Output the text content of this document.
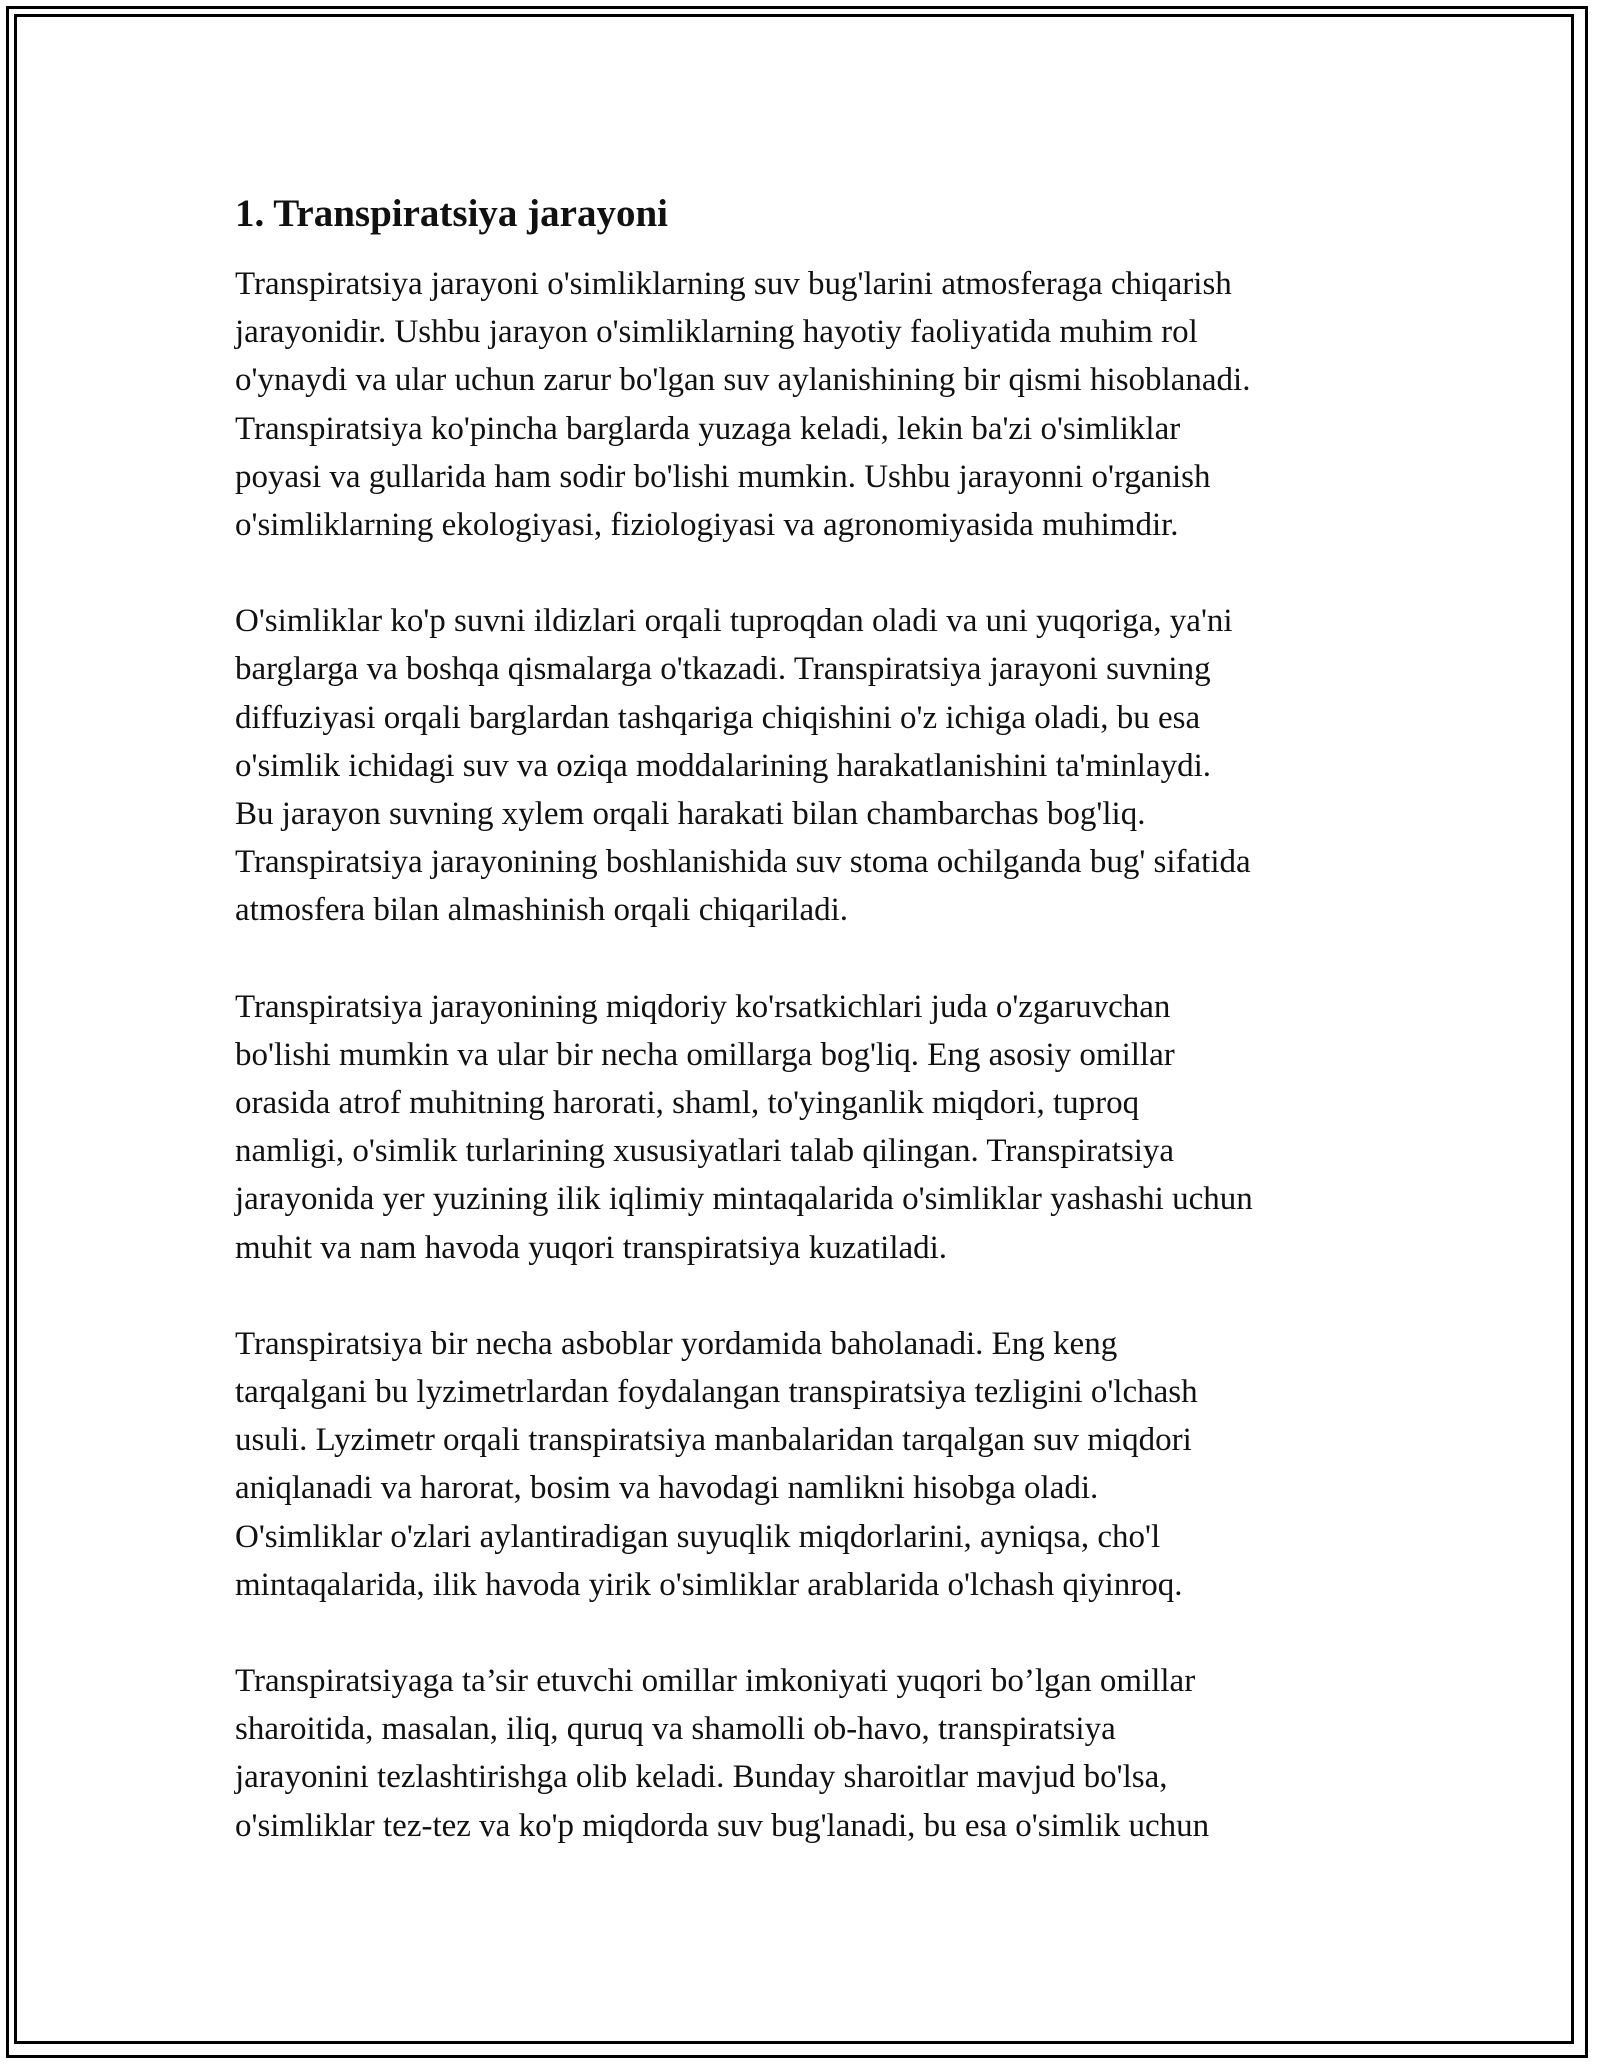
1. Transpiratsiya jarayoni

Transpiratsiya jarayoni o'simliklarning suv bug'larini atmosferaga chiqarish
jarayonidir. Ushbu jarayon o'simliklarning hayotiy faoliyatida muhim rol
o'ynaydi va ular uchun zarur bo'lgan suv aylanishining bir qismi hisoblanadi.
Transpiratsiya ko'pincha barglarda yuzaga keladi, lekin ba'zi o'simliklar
poyasi va gullarida ham sodir bo'lishi mumkin. Ushbu jarayonni o'rganish
o'simliklarning ekologiyasi, fiziologiyasi va agronomiyasida muhimdir.

O'simliklar ko'p suvni ildizlari orqali tuproqdan oladi va uni yuqoriga, ya'ni
barglarga va boshqa qismalarga o'tkazadi. Transpiratsiya jarayoni suvning
diffuziyasi orqali barglardan tashqariga chiqishini o'z ichiga oladi, bu esa
o'simlik ichidagi suv va oziqa moddalarining harakatlanishini ta'minlaydi.
Bu jarayon suvning xylem orqali harakati bilan chambarchas bog'liq.
Transpiratsiya jarayonining boshlanishida suv stoma ochilganda bug' sifatida
atmosfera bilan almashinish orqali chiqariladi.

Transpiratsiya jarayonining miqdoriy ko'rsatkichlari juda o'zgaruvchan
bo'lishi mumkin va ular bir necha omillarga bog'liq. Eng asosiy omillar
orasida atrof muhitning harorati, shaml, to'yinganlik miqdori, tuproq
namligi, o'simlik turlarining xususiyatlari talab qilingan. Transpiratsiya
jarayonida yer yuzining ilik iqlimiy mintaqalarida o'simliklar yashashi uchun
muhit va nam havoda yuqori transpiratsiya kuzatiladi.

Transpiratsiya bir necha asboblar yordamida baholanadi. Eng keng
tarqalgani bu lyzimetrlardan foydalangan transpiratsiya tezligini o'lchash
usuli. Lyzimetr orqali transpiratsiya manbalaridan tarqalgan suv miqdori
aniqlanadi va harorat, bosim va havodagi namlikni hisobga oladi.
O'simliklar o'zlari aylantiradigan suyuqlik miqdorlarini, ayniqsa, cho'l
mintaqalarida, ilik havoda yirik o'simliklar arablarida o'lchash qiyinroq.

Transpiratsiyaga ta’sir etuvchi omillar imkoniyati yuqori bo’lgan omillar
sharoitida, masalan, iliq, quruq va shamolli ob-havo, transpiratsiya
jarayonini tezlashtirishga olib keladi. Bunday sharoitlar mavjud bo'lsa,
o'simliklar tez-tez va ko'p miqdorda suv bug'lanadi, bu esa o'simlik uchun
